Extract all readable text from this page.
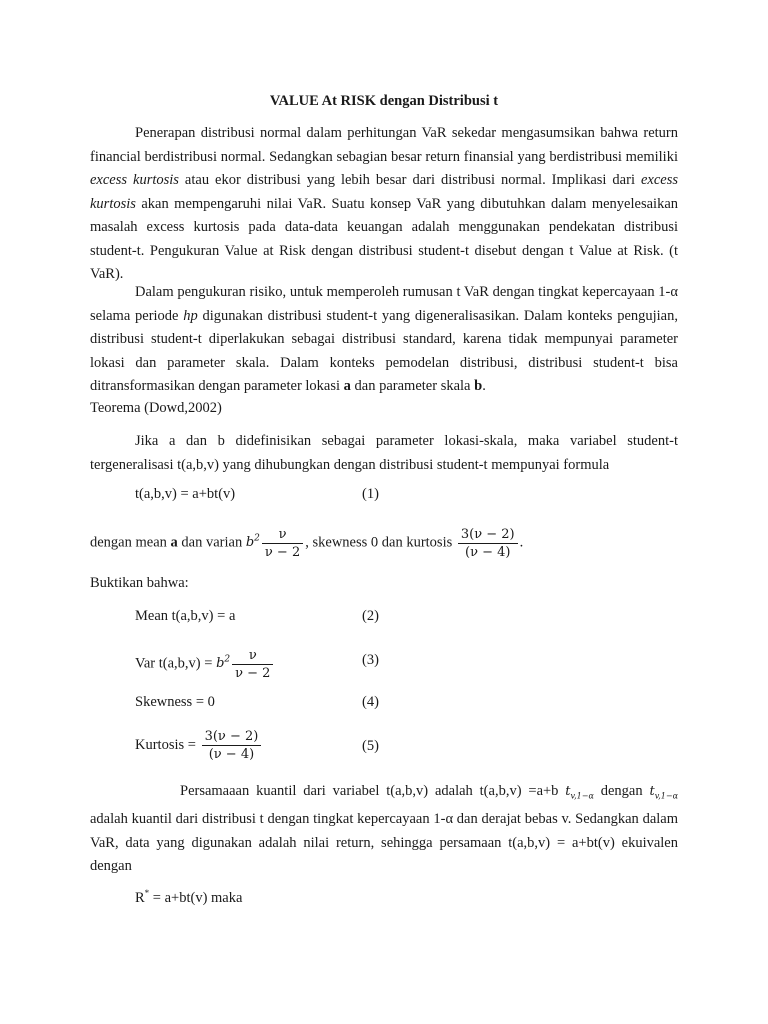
VALUE At RISK dengan Distribusi t
Penerapan distribusi normal dalam perhitungan VaR sekedar mengasumsikan bahwa return financial berdistribusi normal. Sedangkan sebagian besar return finansial yang berdistribusi memiliki excess kurtosis atau ekor distribusi yang lebih besar dari distribusi normal. Implikasi dari excess kurtosis akan mempengaruhi nilai VaR. Suatu konsep VaR yang dibutuhkan dalam menyelesaikan masalah excess kurtosis pada data-data keuangan adalah menggunakan pendekatan distribusi student-t. Pengukuran Value at Risk dengan distribusi student-t disebut dengan t Value at Risk. (t VaR).
Dalam pengukuran risiko, untuk memperoleh rumusan t VaR dengan tingkat kepercayaan 1-α selama periode hp digunakan distribusi student-t yang digeneralisasikan. Dalam konteks pengujian, distribusi student-t diperlakukan sebagai distribusi standard, karena tidak mempunyai parameter lokasi dan parameter skala. Dalam konteks pemodelan distribusi, distribusi student-t bisa ditransformasikan dengan parameter lokasi a dan parameter skala b.
Teorema (Dowd,2002)
Jika a dan b didefinisikan sebagai parameter lokasi-skala, maka variabel student-t tergeneralisasi t(a,b,v) yang dihubungkan dengan distribusi student-t mempunyai formula
t(a,b,v) = a+bt(v)	(1)
dengan mean a dan varian $b^2 \frac{\nu}{\nu - 2}$ , skewness 0 dan kurtosis $\frac{3(\nu - 2)}{(\nu - 4)}$ .
Buktikan bahwa:
Mean t(a,b,v) = a	(2)
Var $t(a,b,v) = b^2 \frac{\nu}{\nu - 2}$	(3)
Skewness = 0	(4)
Kurtosis = $\frac{3(\nu - 2)}{(\nu - 4)}$	(5)
Persamaaan kuantil dari variabel t(a,b,v) adalah t(a,b,v) =a+b $t_{v,1-\alpha}$ dengan $t_{v,1-\alpha}$ adalah kuantil dari distribusi t dengan tingkat kepercayaan 1-α dan derajat bebas v. Sedangkan dalam VaR, data yang digunakan adalah nilai return, sehingga persamaan t(a,b,v) = a+bt(v) ekuivalen dengan
R* = a+bt(v) maka
